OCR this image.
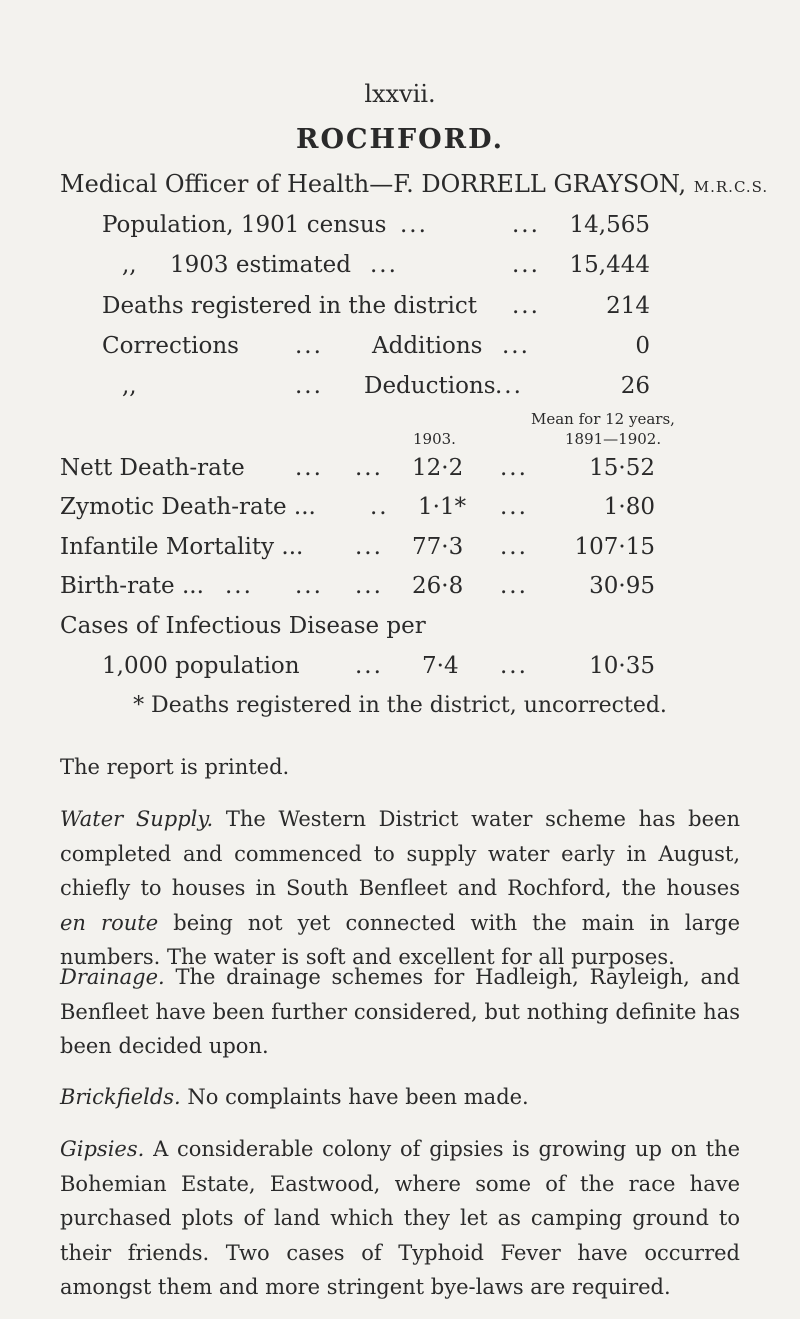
lxxvii.
ROCHFORD.
Medical Officer of Health—F. DORRELL GRAYSON, M.R.C.S.
Population, 1901 census ...	...	14,565
,, 1903 estimated ...	...	15,444
Deaths registered in the district ...	214
Corrections ... Additions ...	0
,,	... Deductions ...	26
Mean for 12 years,
1903.	1891—1902.
Nett Death-rate ... ... 12·2 ...	15·52
Zymotic Death-rate ... .. 1·1* ...	1·80
Infantile Mortality ... ... 77·3 ...	107·15
Birth-rate ... ... ... ... 26·8 ...	30·95
Cases of Infectious Disease per
1,000 population ... 7·4 ...	10·35
* Deaths registered in the district, uncorrected.
The report is printed.
Water Supply. The Western District water scheme has been completed and commenced to supply water early in August, chiefly to houses in South Benfleet and Rochford, the houses en route being not yet connected with the main in large numbers. The water is soft and excellent for all purposes.
Drainage. The drainage schemes for Hadleigh, Rayleigh, and Benfleet have been further considered, but nothing definite has been decided upon.
Brickfields. No complaints have been made.
Gipsies. A considerable colony of gipsies is growing up on the Bohemian Estate, Eastwood, where some of the race have purchased plots of land which they let as camping ground to their friends. Two cases of Typhoid Fever have occurred amongst them and more stringent bye-laws are required.
